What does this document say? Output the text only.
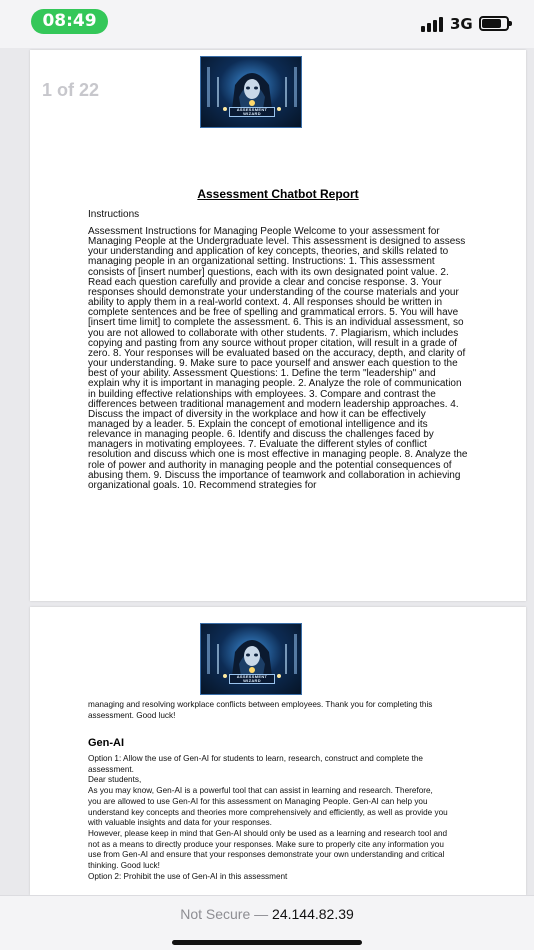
08:49	3G
1 of 22
ASSESSMENT
WIZARD
Assessment Chatbot Report
Instructions
Assessment Instructions for Managing People Welcome to your assessment for Managing People at the Undergraduate level. This assessment is designed to assess your understanding and application of key concepts, theories, and skills related to managing people in an organizational setting. Instructions: 1. This assessment consists of [insert number] questions, each with its own designated point value. 2. Read each question carefully and provide a clear and concise response. 3. Your responses should demonstrate your understanding of the course materials and your ability to apply them in a real-world context. 4. All responses should be written in complete sentences and be free of spelling and grammatical errors. 5. You will have [insert time limit] to complete the assessment. 6. This is an individual assessment, so you are not allowed to collaborate with other students. 7. Plagiarism, which includes copying and pasting from any source without proper citation, will result in a grade of zero. 8. Your responses will be evaluated based on the accuracy, depth, and clarity of your understanding. 9. Make sure to pace yourself and answer each question to the best of your ability. Assessment Questions: 1. Define the term "leadership" and explain why it is important in managing people. 2. Analyze the role of communication in building effective relationships with employees. 3. Compare and contrast the differences between traditional management and modern leadership approaches. 4. Discuss the impact of diversity in the workplace and how it can be effectively managed by a leader. 5. Explain the concept of emotional intelligence and its relevance in managing people. 6. Identify and discuss the challenges faced by managers in motivating employees. 7. Evaluate the different styles of conflict resolution and discuss which one is most effective in managing people. 8. Analyze the role of power and authority in managing people and the potential consequences of abusing them. 9. Discuss the importance of teamwork and collaboration in achieving organizational goals. 10. Recommend strategies for
ASSESSMENT
WIZARD
managing and resolving workplace conflicts between employees. Thank you for completing this assessment. Good luck!
Gen-AI
Option 1: Allow the use of Gen-AI for students to learn, research, construct and complete the assessment.
Dear students,
As you may know, Gen-AI is a powerful tool that can assist in learning and research. Therefore, you are allowed to use Gen-AI for this assessment on Managing People. Gen-AI can help you understand key concepts and theories more comprehensively and efficiently, as well as provide you with valuable insights and data for your responses.
However, please keep in mind that Gen-AI should only be used as a learning and research tool and not as a means to directly produce your responses. Make sure to properly cite any information you use from Gen-AI and ensure that your responses demonstrate your own understanding and critical thinking. Good luck!
Option 2: Prohibit the use of Gen-AI in this assessment
Not Secure — 24.144.82.39
